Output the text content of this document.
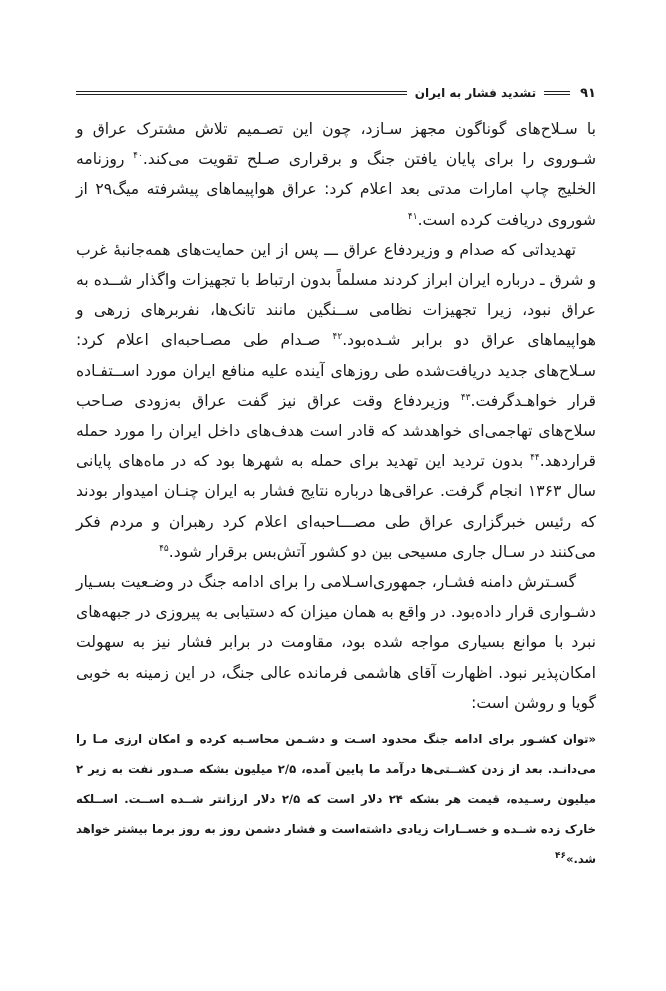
۹۱
تشدید فشار به ایران

با سـلاح‌های گوناگون مجهز سـازد، چون این تصـمیم تلاش مشترک عراق و شـوروی را برای پایان یافتن جنگ و برقراری صـلح تقویت می‌کند.$^{۴۰}$ روزنامه الخلیج چاپ امارات مدتی بعد اعلام کرد: عراق هواپیماهای پیشرفته میگ۲۹ از شوروی دریافت کرده است.$^{۴۱}$

تهدیداتی که صدام و وزیردفاع عراق ـــ پس از این حمایت‌های همه‌جانبهٔ غرب و شرق ـ درباره ایران ابراز کردند مسلماً بدون ارتباط با تجهیزات واگذار شــده به عراق نبود، زیرا تجهیزات نظامی ســنگین مانند تانک‌ها، نفربرهای زرهی و هواپیماهای عراق دو برابر شـده‌بود.$^{۴۲}$ صـدام طی مصـاحبه‌ای اعلام کرد: سـلاح‌های جدید دریافت‌شده طی روزهای آینده علیه منافع ایران مورد اســتفـاده قرار خواهـدگرفت.$^{۴۳}$ وزیردفاع وقت عراق نیز گفت عراق به‌زودی صـاحب سلاح‌های تهاجمی‌ای خواهدشد که قادر است هدف‌های داخل ایران را مورد حمله قراردهد.$^{۴۴}$ بدون تردید این تهدید برای حمله به شهرها بود که در ماه‌های پایانی سال ۱۳۶۳ انجام گرفت. عراقی‌ها درباره نتایج فشار به ایران چنـان امیدوار بودند که رئیس خبرگزاری عراق طی مصـــاحبه‌ای اعلام کرد رهبران و مردم فکر می‌کنند در سـال جاری مسیحی بین دو کشور آتش‌بس برقرار شود.$^{۴۵}$

گسـترش دامنه فشـار، جمهوری‌اسـلامی را برای ادامه جنگ در وضـعیت بسـیار دشـواری قرار داده‌بود. در واقع به همان میزان که دستیابی به پیروزی در جبهه‌های نبرد با موانع بسیاری مواجه شده بود، مقاومت در برابر فشار نیز به سهولت امکان‌پذیر نبود. اظهارت آقای هاشمی فرمانده عالی جنگ، در این زمینه به خوبی گویا و روشن است:

«توان کشـور برای ادامه جنگ محدود اسـت و دشـمن محاسـبه کرده و امکان ارزی مـا را می‌دانـد. بعد از زدن کشــتی‌ها درآمد ما پایین آمده، ۲/۵ میلیون بشکه صـدور نفت به زیر ۲ میلیون رسـیده، قیمت هر بشکه ۲۴ دلار است که ۲/۵ دلار ارزانتر شــده اســت. اســلکه خارک زده شــده و خســارات زیادی داشته‌است و فشار دشمن روز به روز برما بیشتر خواهد شد.»$^{۴۶}$
